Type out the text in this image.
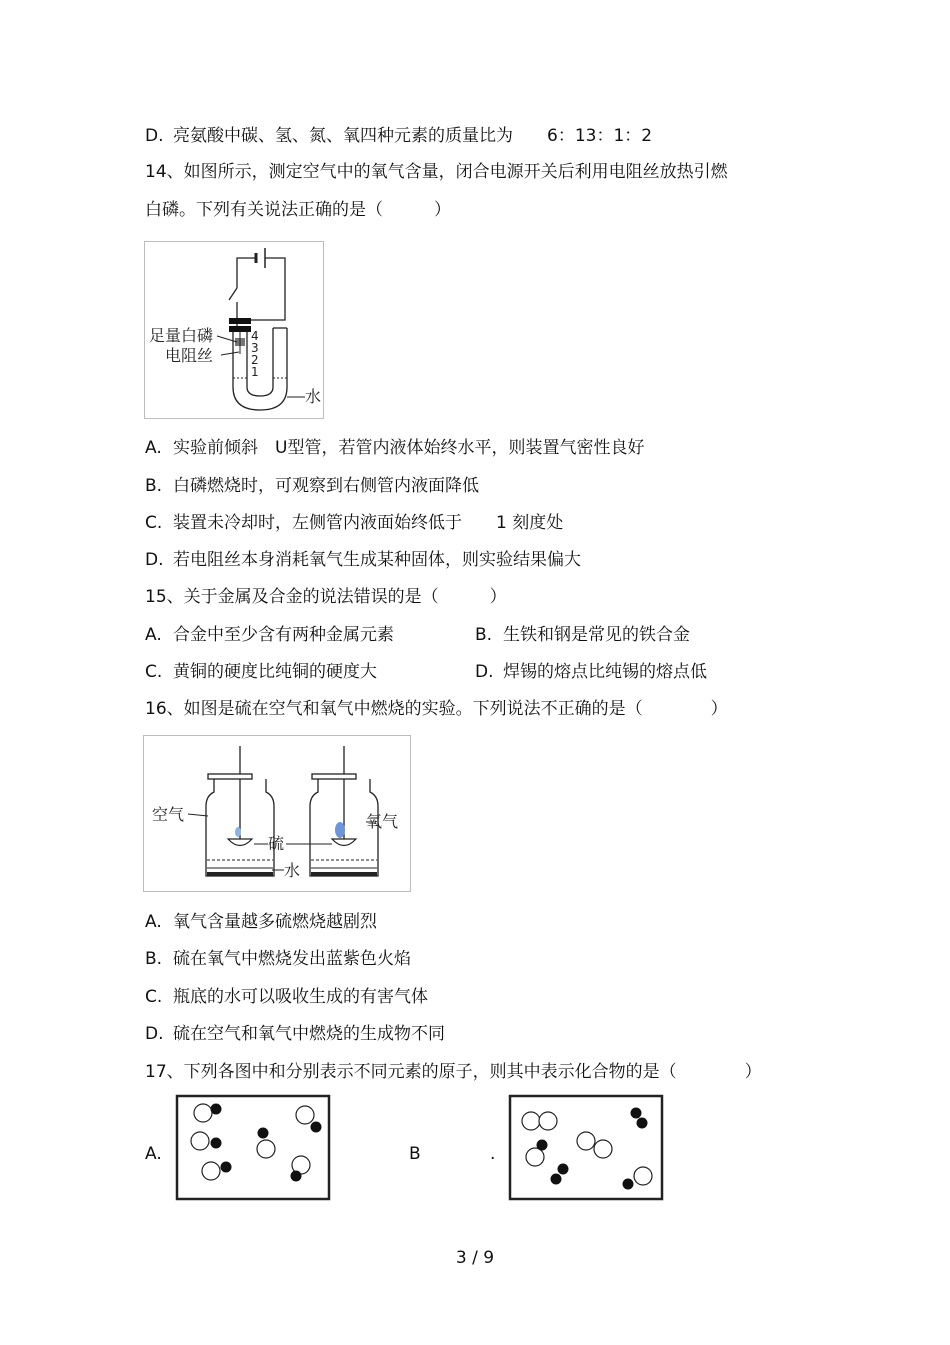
D. 亮氨酸中碳、氢、氮、氧四种元素的质量比为 6：13：1：2
14、如图所示，测定空气中的氧气含量，闭合电源开关后利用电阻丝放热引燃
白磷。下列有关说法正确的是（　　　）
4
3
2
1
足量白磷
电阻丝
水
A. 实验前倾斜　U型管，若管内液体始终水平，则装置气密性良好
B. 白磷燃烧时，可观察到右侧管内液面降低
C. 装置未冷却时，左侧管内液面始终低于　　1 刻度处
D. 若电阻丝本身消耗氧气生成某种固体，则实验结果偏大
15、关于金属及合金的说法错误的是（　　　）
A. 合金中至少含有两种金属元素	B. 生铁和钢是常见的铁合金
C. 黄铜的硬度比纯铜的硬度大	D. 焊锡的熔点比纯锡的熔点低
16、如图是硫在空气和氧气中燃烧的实验。下列说法不正确的是（　　　　）
空气
硫
水
氧气
A. 氧气含量越多硫燃烧越剧烈
B. 硫在氧气中燃烧发出蓝紫色火焰
C. 瓶底的水可以吸收生成的有害气体
D. 硫在空气和氧气中燃烧的生成物不同
17、下列各图中和分别表示不同元素的原子，则其中表示化合物的是（　　　　）
A.	B	.
3 / 9
